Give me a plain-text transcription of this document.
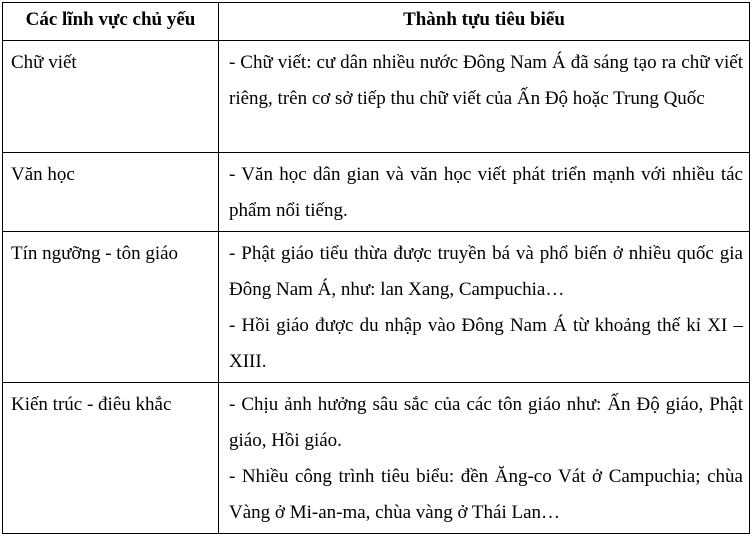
Các lĩnh vực chủ yếu	Thành tựu tiêu biểu
Chữ viết	- Chữ viết: cư dân nhiều nước Đông Nam Á đã sáng tạo ra chữ viết riêng, trên cơ sở tiếp thu chữ viết của Ấn Độ hoặc Trung Quốc

Văn học	- Văn học dân gian và văn học viết phát triển mạnh với nhiều tác phẩm nổi tiếng.

Tín ngưỡng - tôn giáo	- Phật giáo tiểu thừa được truyền bá và phổ biến ở nhiều quốc gia Đông Nam Á, như: lan Xang, Campuchia…

- Hồi giáo được du nhập vào Đông Nam Á từ khoảng thế kỉ XI – XIII.

Kiến trúc - điêu khắc	- Chịu ảnh hưởng sâu sắc của các tôn giáo như: Ấn Độ giáo, Phật giáo, Hồi giáo.

- Nhiều công trình tiêu biểu: đền Ăng-co Vát ở Campuchia; chùa Vàng ở Mi-an-ma, chùa vàng ở Thái Lan…
